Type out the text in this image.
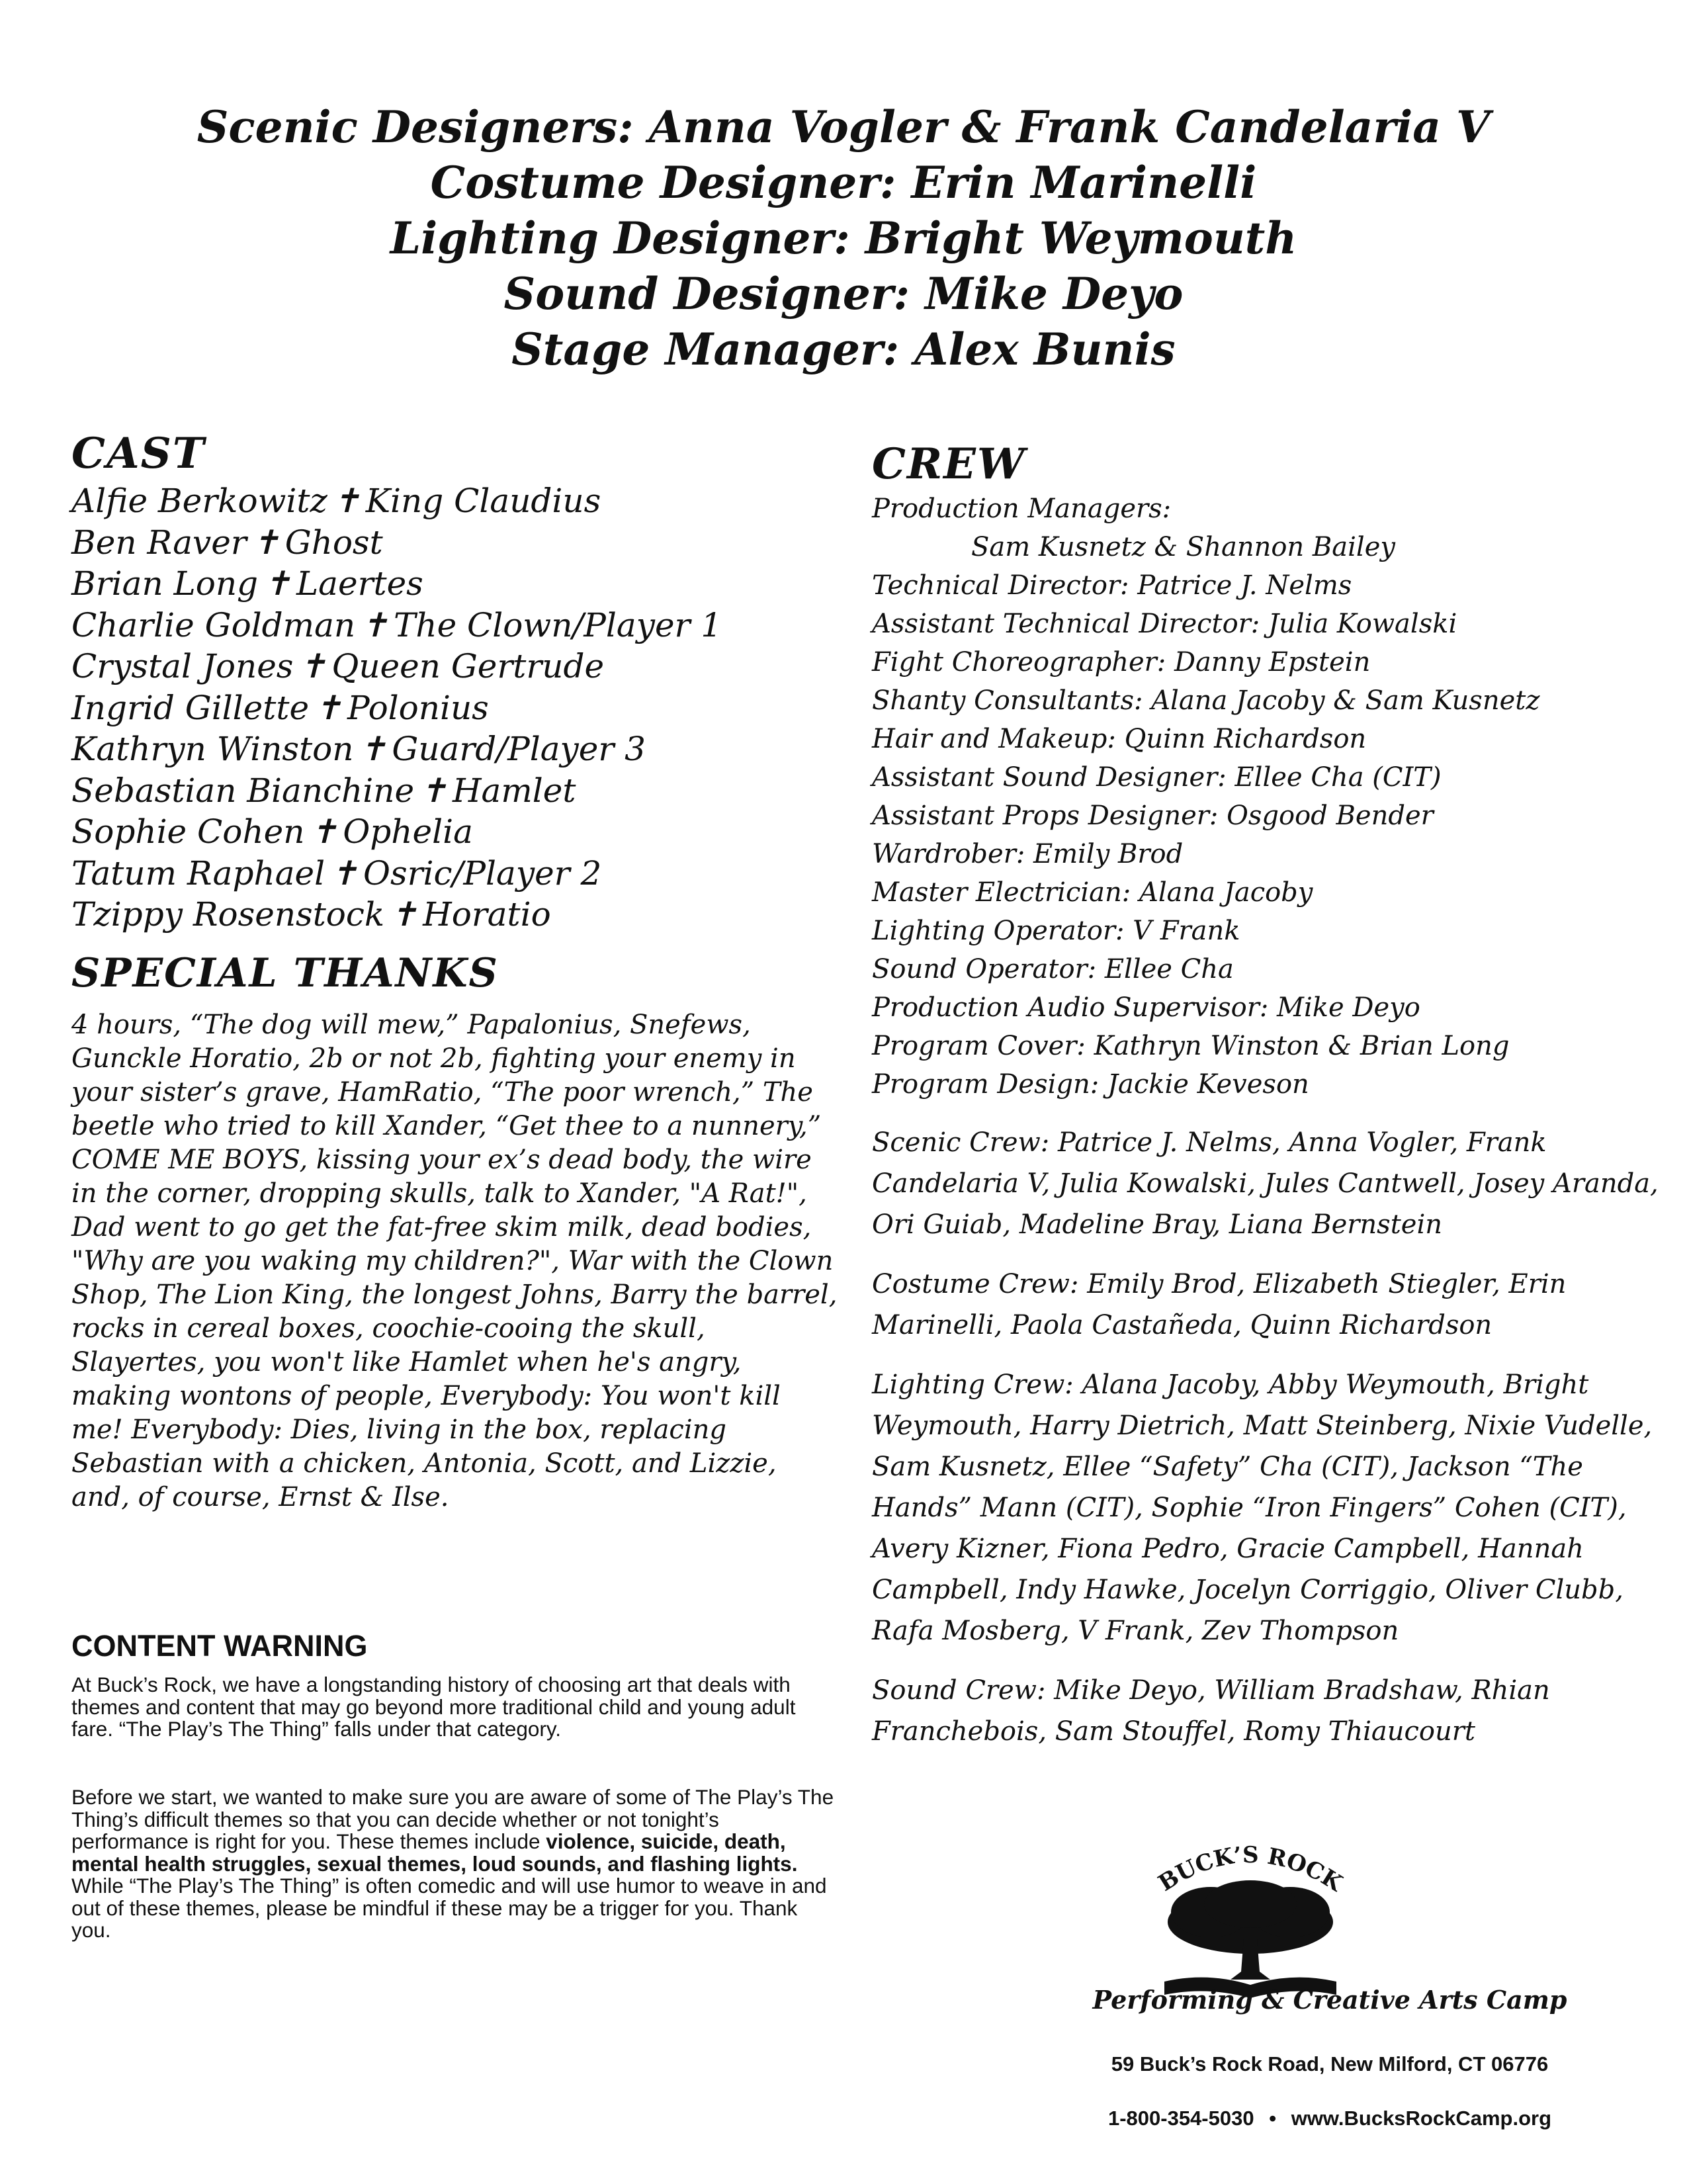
Scenic Designers: Anna Vogler & Frank Candelaria V
Costume Designer: Erin Marinelli
Lighting Designer: Bright Weymouth
Sound Designer: Mike Deyo
Stage Manager: Alex Bunis
CAST
Alfie Berkowitz ✝ King Claudius
Ben Raver ✝ Ghost
Brian Long ✝ Laertes
Charlie Goldman ✝ The Clown/Player 1
Crystal Jones ✝ Queen Gertrude
Ingrid Gillette ✝ Polonius
Kathryn Winston ✝ Guard/Player 3
Sebastian Bianchine ✝ Hamlet
Sophie Cohen ✝ Ophelia
Tatum Raphael ✝ Osric/Player 2
Tzippy Rosenstock ✝ Horatio
SPECIAL THANKS
4 hours, “The dog will mew,” Papalonius, Snefews, Gunckle Horatio, 2b or not 2b, fighting your enemy in your sister’s grave, HamRatio, “The poor wrench,” The beetle who tried to kill Xander, “Get thee to a nunnery,” COME ME BOYS, kissing your ex’s dead body, the wire in the corner, dropping skulls, talk to Xander, "A Rat!", Dad went to go get the fat-free skim milk, dead bodies, "Why are you waking my children?", War with the Clown Shop, The Lion King, the longest Johns, Barry the barrel, rocks in cereal boxes, coochie-cooing the skull, Slayertes, you won't like Hamlet when he's angry, making wontons of people, Everybody: You won't kill me! Everybody: Dies, living in the box, replacing Sebastian with a chicken, Antonia, Scott, and Lizzie, and, of course, Ernst & Ilse.
CONTENT WARNING
At Buck’s Rock, we have a longstanding history of choosing art that deals with themes and content that may go beyond more traditional child and young adult fare. “The Play’s The Thing” falls under that category.
Before we start, we wanted to make sure you are aware of some of The Play’s The Thing’s difficult themes so that you can decide whether or not tonight’s performance is right for you. These themes include violence, suicide, death, mental health struggles, sexual themes, loud sounds, and flashing lights. While “The Play’s The Thing” is often comedic and will use humor to weave in and out of these themes, please be mindful if these may be a trigger for you. Thank you.
CREW
Production Managers:
Sam Kusnetz & Shannon Bailey
Technical Director: Patrice J. Nelms
Assistant Technical Director: Julia Kowalski
Fight Choreographer: Danny Epstein
Shanty Consultants: Alana Jacoby & Sam Kusnetz
Hair and Makeup: Quinn Richardson
Assistant Sound Designer: Ellee Cha (CIT)
Assistant Props Designer: Osgood Bender
Wardrober: Emily Brod
Master Electrician: Alana Jacoby
Lighting Operator: V Frank
Sound Operator: Ellee Cha
Production Audio Supervisor: Mike Deyo
Program Cover: Kathryn Winston & Brian Long
Program Design: Jackie Keveson
Scenic Crew: Patrice J. Nelms, Anna Vogler, Frank Candelaria V, Julia Kowalski, Jules Cantwell, Josey Aranda, Ori Guiab, Madeline Bray, Liana Bernstein
Costume Crew: Emily Brod, Elizabeth Stiegler, Erin Marinelli, Paola Castañeda, Quinn Richardson
Lighting Crew: Alana Jacoby, Abby Weymouth, Bright Weymouth, Harry Dietrich, Matt Steinberg, Nixie Vudelle, Sam Kusnetz, Ellee “Safety” Cha (CIT), Jackson “The Hands” Mann (CIT), Sophie “Iron Fingers” Cohen (CIT), Avery Kizner, Fiona Pedro, Gracie Campbell, Hannah Campbell, Indy Hawke, Jocelyn Corriggio, Oliver Clubb, Rafa Mosberg, V Frank, Zev Thompson
Sound Crew: Mike Deyo, William Bradshaw, Rhian Franchebois, Sam Stouffel, Romy Thiaucourt
BUCK’S ROCK
Performing & Creative Arts Camp
59 Buck’s Rock Road, New Milford, CT 06776
1-800-354-5030 • www.BucksRockCamp.org
